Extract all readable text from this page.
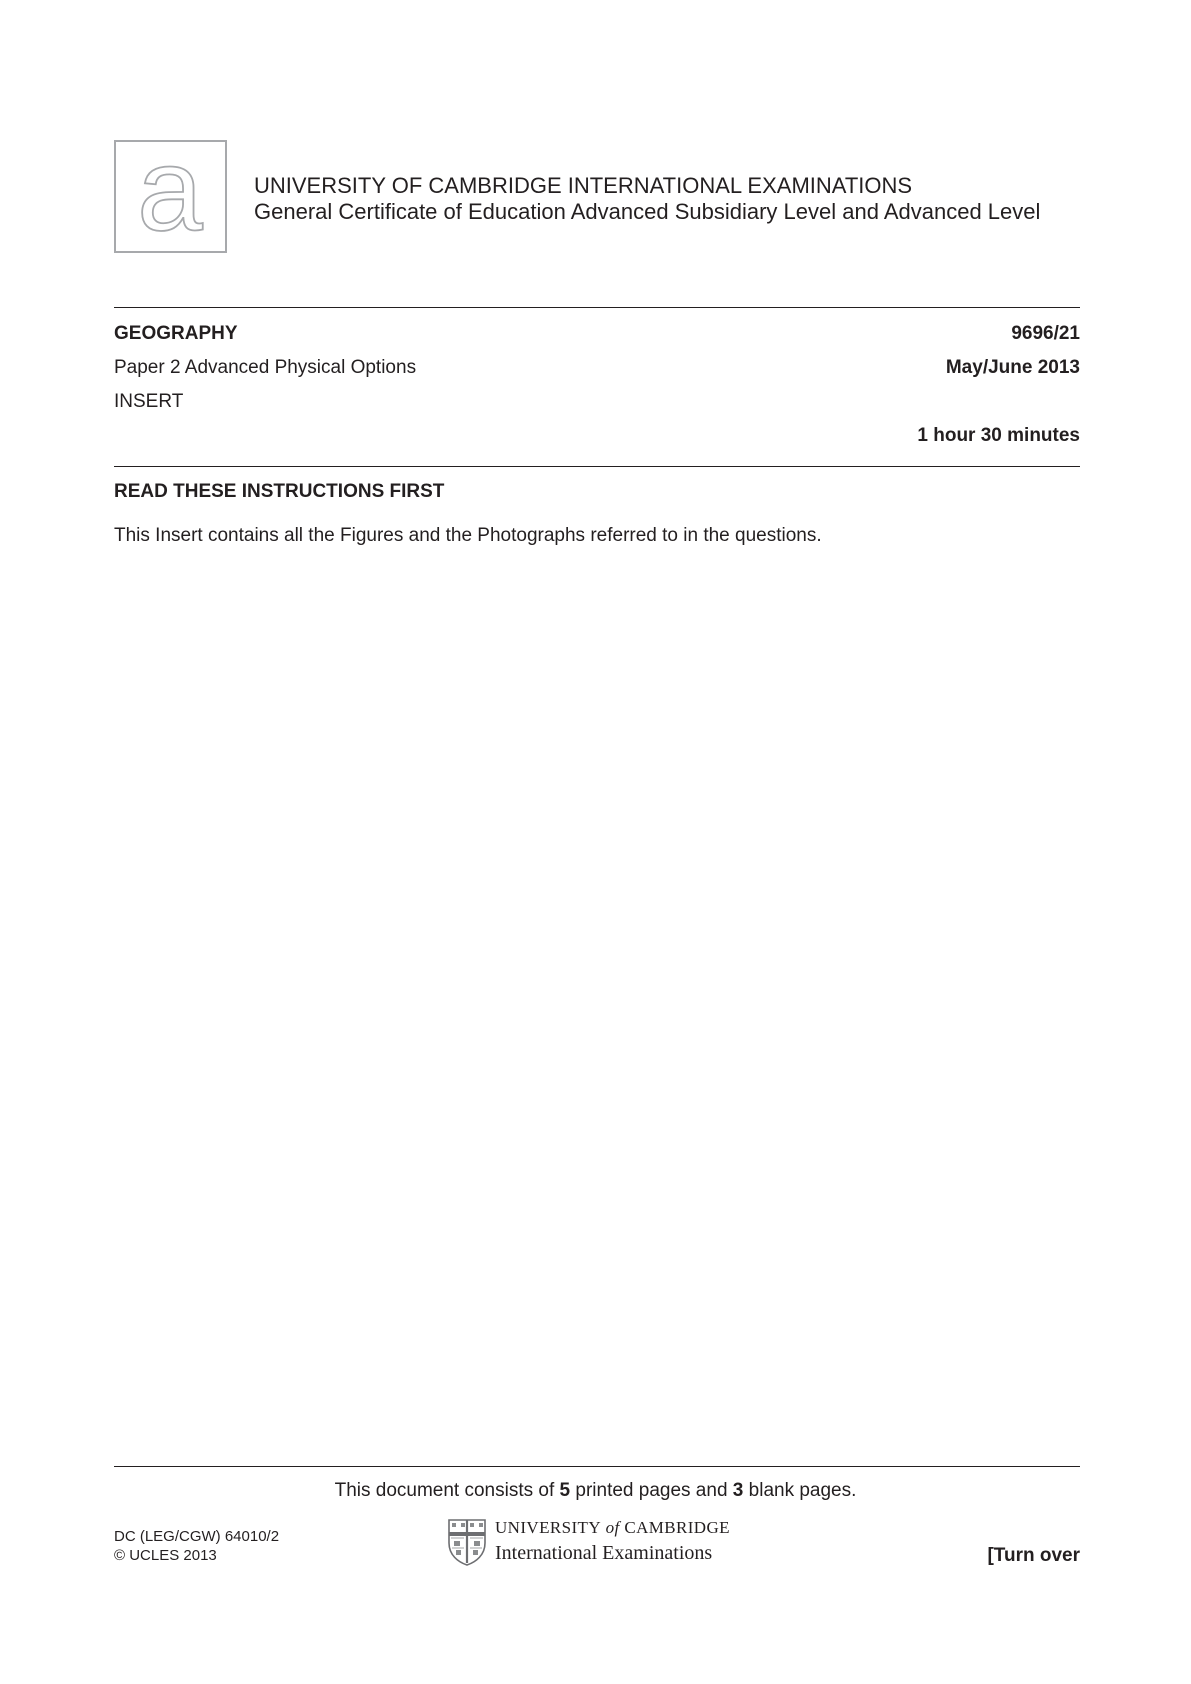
a UNIVERSITY OF CAMBRIDGE INTERNATIONAL EXAMINATIONS
General Certificate of Education Advanced Subsidiary Level and Advanced Level
GEOGRAPHY	9696/21
Paper 2 Advanced Physical Options	May/June 2013
INSERT
1 hour 30 minutes
READ THESE INSTRUCTIONS FIRST
This Insert contains all the Figures and the Photographs referred to in the questions.
This document consists of 5 printed pages and 3 blank pages.
DC (LEG/CGW) 64010/2
© UCLES 2013
UNIVERSITY of CAMBRIDGE
International Examinations	[Turn over
